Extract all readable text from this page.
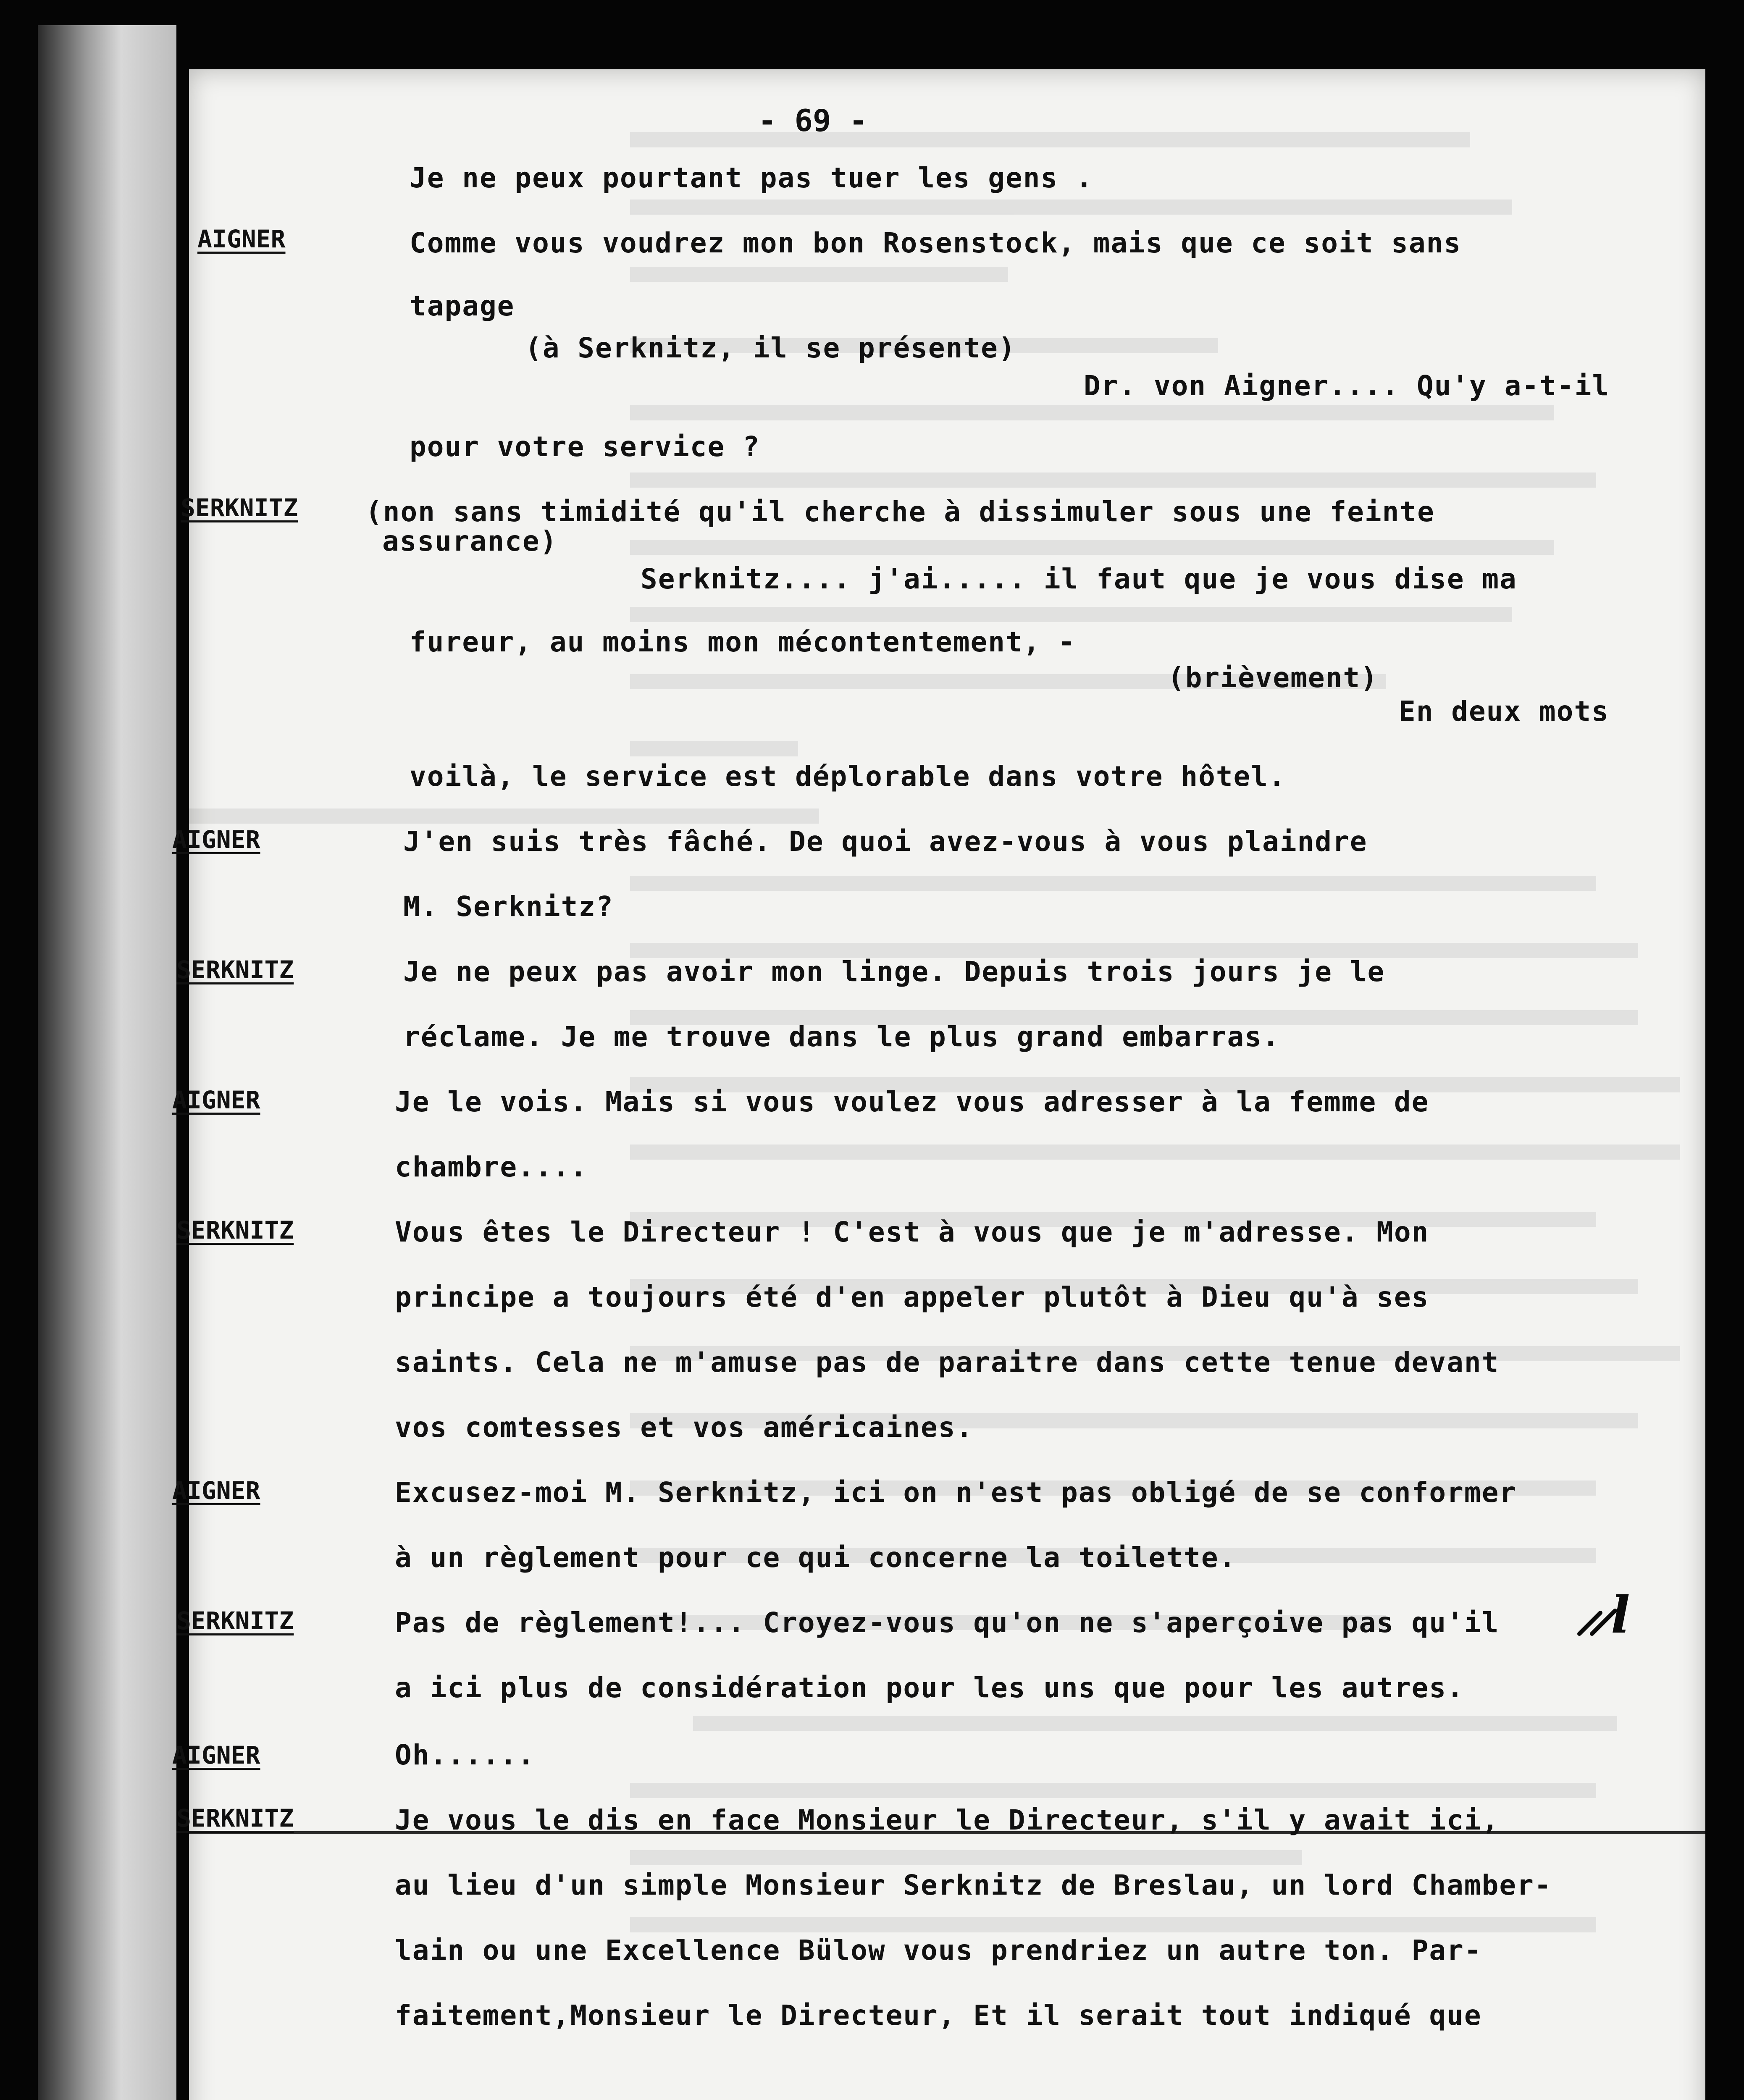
- 69 -
AIGNER
SERKNITZ
AIGNER
SERKNITZ
AIGNER
SERKNITZ
AIGNER
SERKNITZ
AIGNER
SERKNITZ
Je ne peux pourtant pas tuer les gens .
Comme vous voudrez mon bon Rosenstock, mais que ce soit sans
tapage
(à Serknitz, il se présente)
Dr. von Aigner.... Qu'y a-t-il
pour votre service ?
(non sans timidité qu'il cherche à dissimuler sous une feinte
assurance)
Serknitz.... j'ai..... il faut que je vous dise ma
fureur, au moins mon mécontentement, -
(brièvement)
En deux mots
voilà, le service est déplorable dans votre hôtel.
J'en suis très fâché. De quoi avez-vous à vous plaindre
M. Serknitz?
Je ne peux pas avoir mon linge. Depuis trois jours je le
réclame. Je me trouve dans le plus grand embarras.
Je le vois. Mais si vous voulez vous adresser à la femme de
chambre....
Vous êtes le Directeur ! C'est à vous que je m'adresse. Mon
principe a toujours été d'en appeler plutôt à Dieu qu'à ses
saints. Cela ne m'amuse pas de paraitre dans cette tenue devant
vos comtesses et vos américaines.
Excusez-moi M. Serknitz, ici on n'est pas obligé de se conformer
à un règlement pour ce qui concerne la toilette.
Pas de règlement!... Croyez-vous qu'on ne s'aperçoive pas qu'il
a ici plus de considération pour les uns que pour les autres.
Oh......
Je vous le dis en face Monsieur le Directeur, s'il y avait ici,
au lieu d'un simple Monsieur Serknitz de Breslau, un lord Chamber-
lain ou une Excellence Bülow vous prendriez un autre ton. Par-
faitement,Monsieur le Directeur, Et il serait tout indiqué que
l
